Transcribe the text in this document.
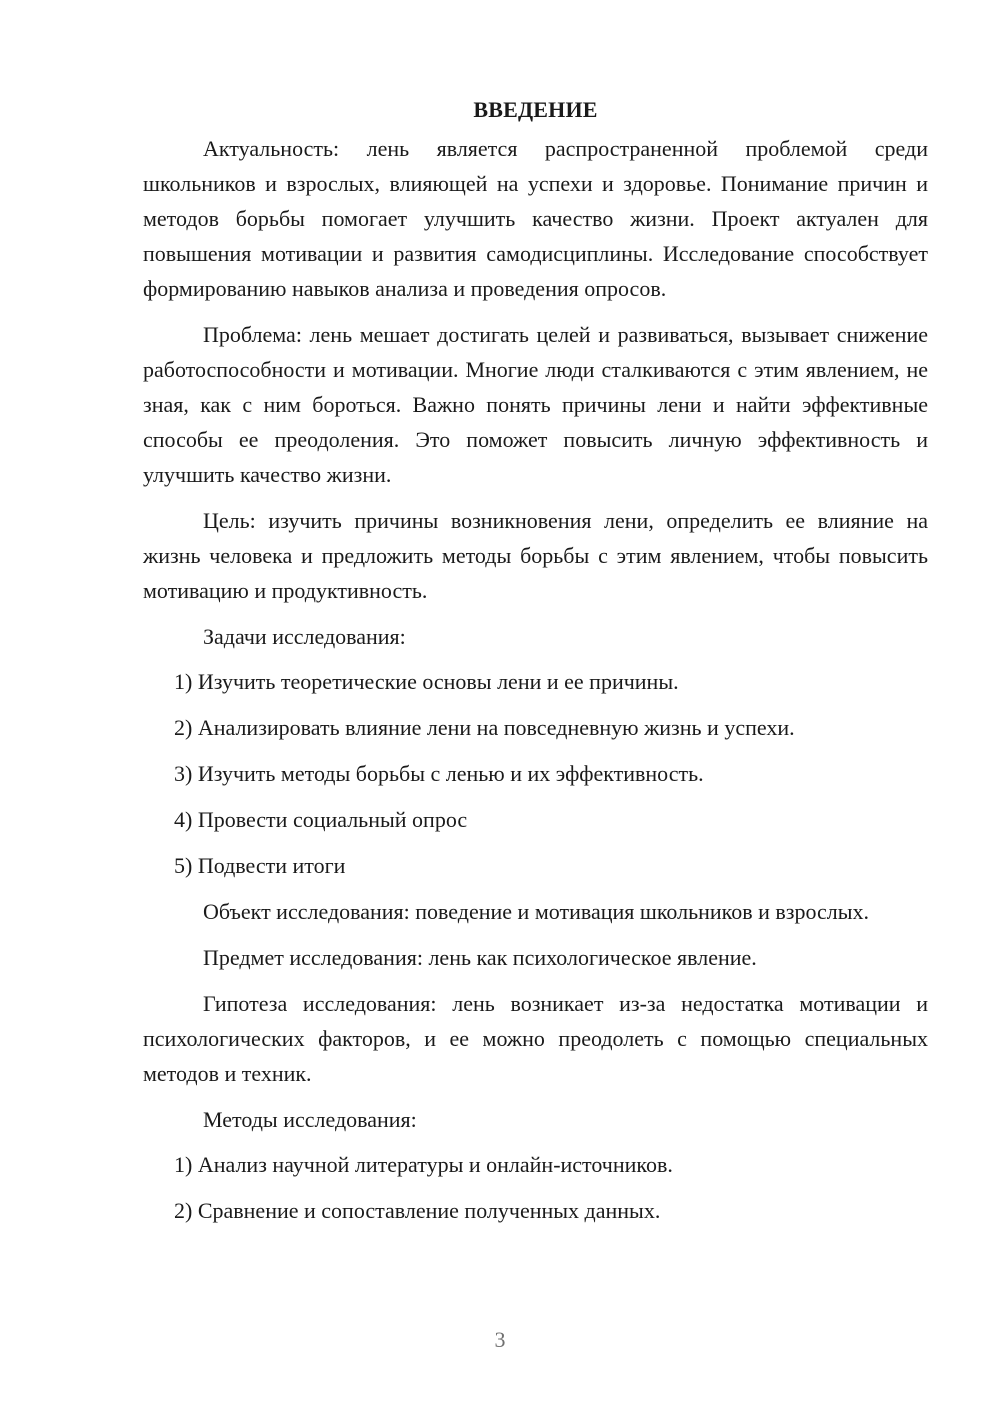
ВВЕДЕНИЕ

Актуальность: лень является распространенной проблемой среди школьников и взрослых, влияющей на успехи и здоровье. Понимание причин и методов борьбы помогает улучшить качество жизни. Проект актуален для повышения мотивации и развития самодисциплины. Исследование способствует формированию навыков анализа и проведения опросов.

Проблема: лень мешает достигать целей и развиваться, вызывает снижение работоспособности и мотивации. Многие люди сталкиваются с этим явлением, не зная, как с ним бороться. Важно понять причины лени и найти эффективные способы ее преодоления. Это поможет повысить личную эффективность и улучшить качество жизни.

Цель: изучить причины возникновения лени, определить ее влияние на жизнь человека и предложить методы борьбы с этим явлением, чтобы повысить мотивацию и продуктивность.

Задачи исследования:

1) Изучить теоретические основы лени и ее причины.

2) Анализировать влияние лени на повседневную жизнь и успехи.

3) Изучить методы борьбы с ленью и их эффективность.

4) Провести социальный опрос

5) Подвести итоги

Объект исследования: поведение и мотивация школьников и взрослых.

Предмет исследования: лень как психологическое явление.

Гипотеза исследования: лень возникает из-за недостатка мотивации и психологических факторов, и ее можно преодолеть с помощью специальных методов и техник.

Методы исследования:

1) Анализ научной литературы и онлайн-источников.

2) Сравнение и сопоставление полученных данных.

3
